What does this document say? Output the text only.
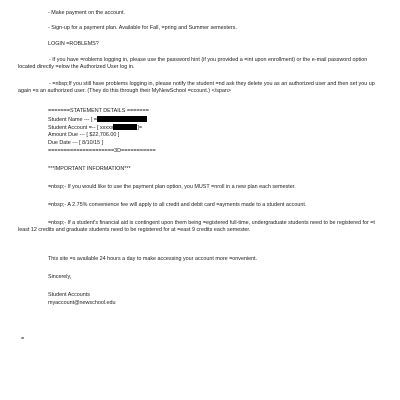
- Make payment on the account.
- Sign-up for a payment plan. Available for Fall, =pring and Summer semesters.
LOGIN =ROBLEMS?
- If you have =roblems logging in, please use the password hint (if you provided a =int upon enrollment) or the e-mail password option located directly =elow the Authorized User log in.
- =nbsp;If you still have problems logging in, please notify the student =nd ask they delete you as an authorized user and then set you up again =s an authorized user. (They do this through their MyNewSchool =ccount.) </span>
=======STATEMENT DETAILS =======
Student Name --- [ =
Student Account =-- [ xxxxx	]=
Amount Due --- [ $22,706.00 ]
Due Date --- [ 8/10/15 ]
=====================3D===========
***IMPORTANT INFORMATION***
=nbsp;- If you would like to use the payment plan option, you MUST =nroll in a new plan each semester.
=nbsp;- A 2.75% convenience fee will apply to all credit and debit card =ayments made to a student account.
=nbsp;- If a student's financial aid is contingent upon them being =egistered full-time, undergraduate students need to be registered for =t least 12 credits and graduate students need to be registered for at =east 9 credits each semester.
This site =s available 24 hours a day to make accessing your account more =onvenient.
Sincerely,
Student Accounts
myaccount@newschool.edu
=
